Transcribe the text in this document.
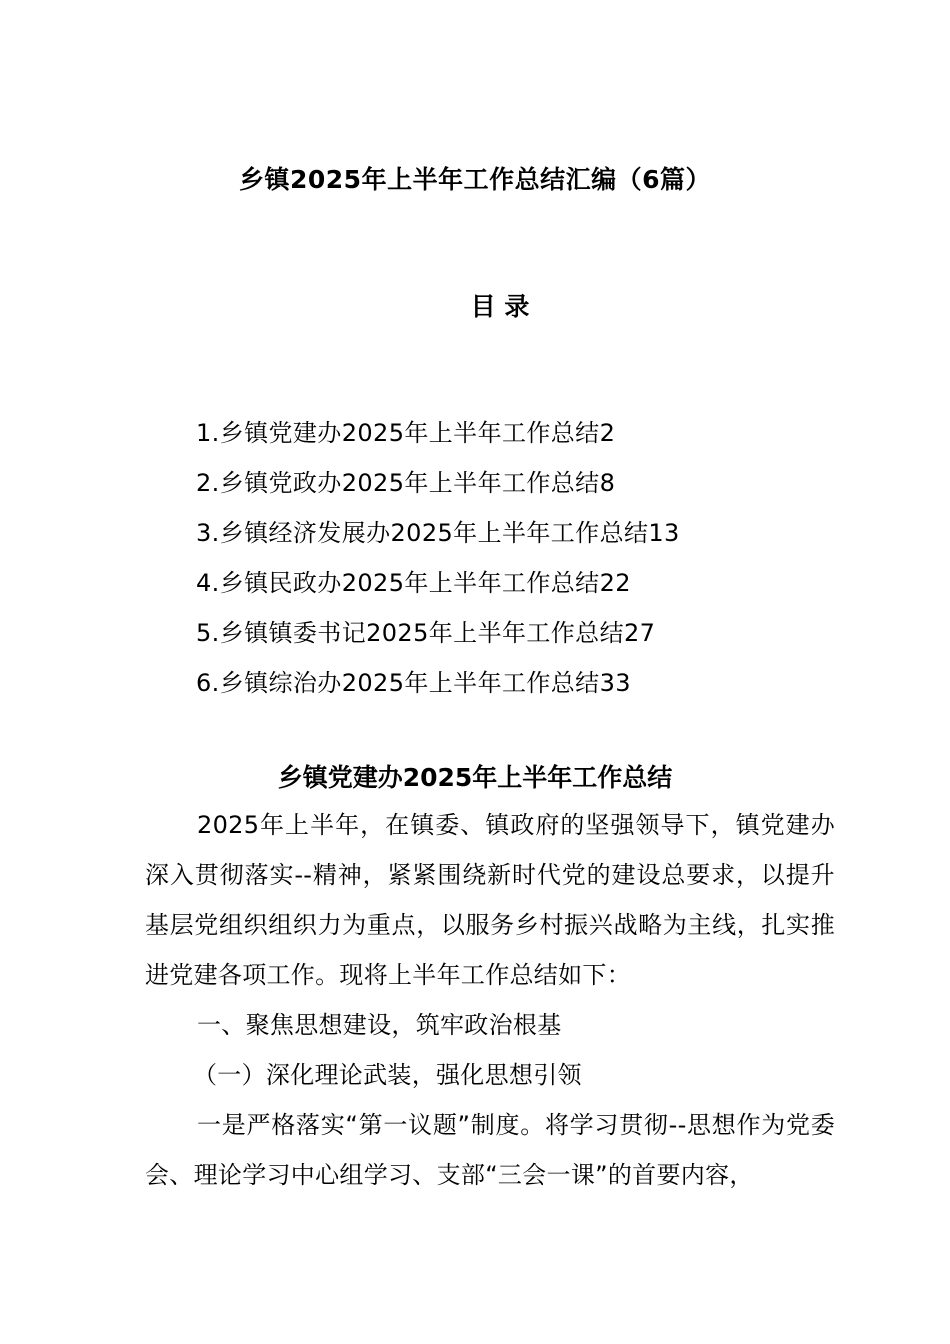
乡镇2025年上半年工作总结汇编（6篇）
目 录
1.乡镇党建办2025年上半年工作总结2
2.乡镇党政办2025年上半年工作总结8
3.乡镇经济发展办2025年上半年工作总结13
4.乡镇民政办2025年上半年工作总结22
5.乡镇镇委书记2025年上半年工作总结27
6.乡镇综治办2025年上半年工作总结33
乡镇党建办2025年上半年工作总结
2025年上半年，在镇委、镇政府的坚强领导下，镇党建办深入贯彻落实--精神，紧紧围绕新时代党的建设总要求，以提升基层党组织组织力为重点，以服务乡村振兴战略为主线，扎实推进党建各项工作。现将上半年工作总结如下：
一、聚焦思想建设，筑牢政治根基
（一）深化理论武装，强化思想引领
一是严格落实“第一议题”制度。将学习贯彻--思想作为党委会、理论学习中心组学习、支部“三会一课”的首要内容，
